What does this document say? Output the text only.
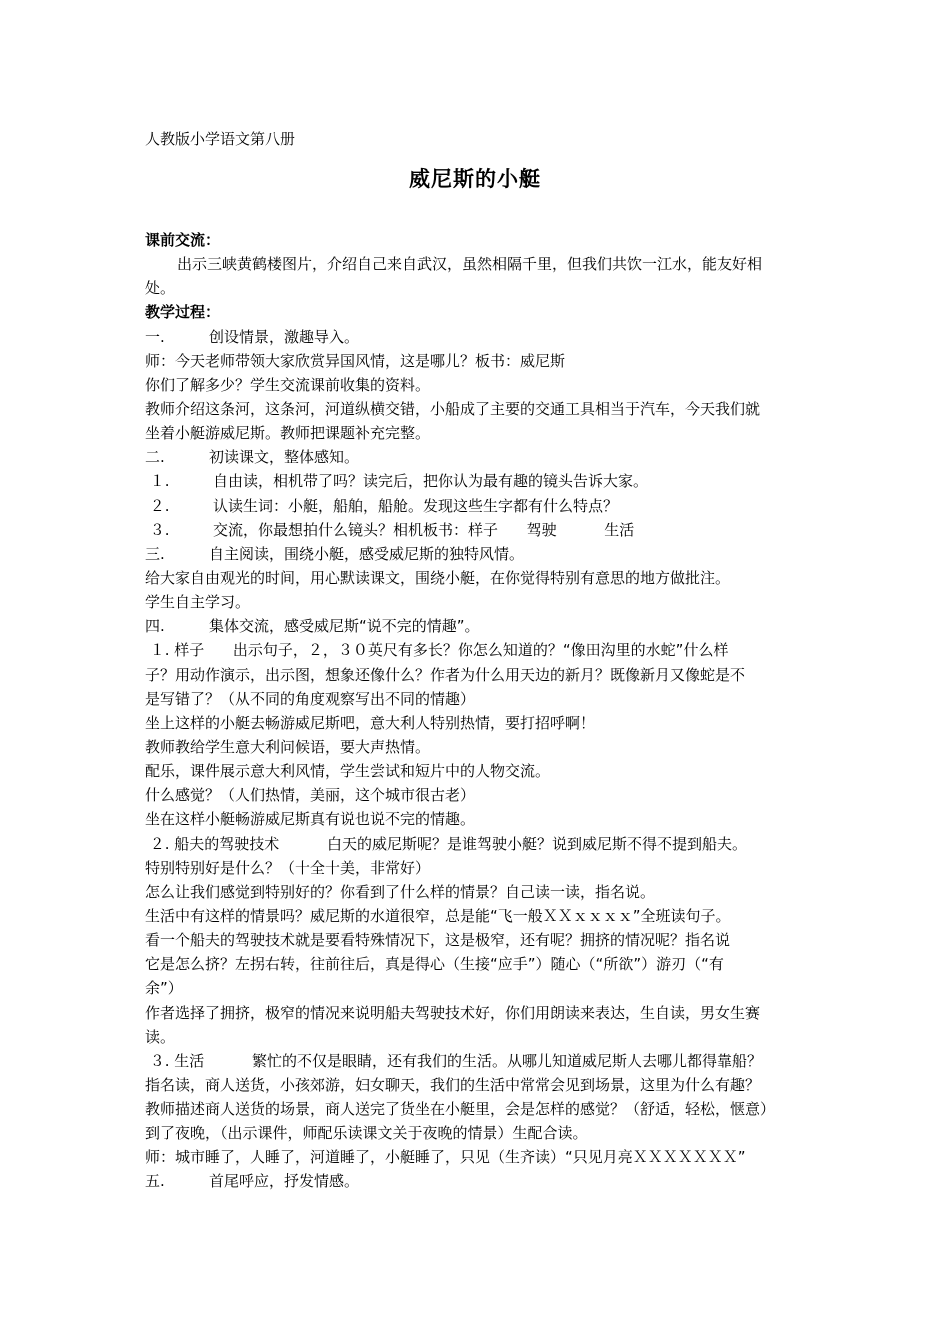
人教版小学语文第八册
威尼斯的小艇
课前交流：
出示三峡黄鹤楼图片，介绍自己来自武汉，虽然相隔千里，但我们共饮一江水，能友好相
处。
教学过程：
一.	创设情景，激趣导入。
师：今天老师带领大家欣赏异国风情，这是哪儿？板书：威尼斯
你们了解多少？学生交流课前收集的资料。
教师介绍这条河，这条河，河道纵横交错，小船成了主要的交通工具相当于汽车，今天我们就
坐着小艇游威尼斯。教师把课题补充完整。
二.	初读课文，整体感知。
１.	自由读，相机带了吗？读完后，把你认为最有趣的镜头告诉大家。
２.	认读生词：小艇，船舶，船舱。发现这些生字都有什么特点？
３.	交流，你最想拍什么镜头？相机板书：样子      驾驶          生活
三.	自主阅读，围绕小艇，感受威尼斯的独特风情。
给大家自由观光的时间，用心默读课文，围绕小艇，在你觉得特别有意思的地方做批注。
学生自主学习。
四.	集体交流，感受威尼斯“说不完的情趣”。
１. 样子      出示句子，２，３０英尺有多长？你怎么知道的？“像田沟里的水蛇”什么样
子？用动作演示，出示图，想象还像什么？作者为什么用天边的新月？既像新月又像蛇是不
是写错了？（从不同的角度观察写出不同的情趣）
坐上这样的小艇去畅游威尼斯吧，意大利人特别热情，要打招呼啊！
教师教给学生意大利问候语，要大声热情。
配乐，课件展示意大利风情，学生尝试和短片中的人物交流。
什么感觉？（人们热情，美丽，这个城市很古老）
坐在这样小艇畅游威尼斯真有说也说不完的情趣。
２. 船夫的驾驶技术          白天的威尼斯呢？是谁驾驶小艇？说到威尼斯不得不提到船夫。
特别特别好是什么？（十全十美，非常好）
怎么让我们感觉到特别好的？你看到了什么样的情景？自己读一读，指名说。
生活中有这样的情景吗？威尼斯的水道很窄，总是能“飞一般ＸＸｘｘｘｘ”全班读句子。
看一个船夫的驾驶技术就是要看特殊情况下，这是极窄，还有呢？拥挤的情况呢？指名说
它是怎么挤？左拐右转，往前往后，真是得心（生接“应手”）随心（“所欲”）游刃（“有
余”）
作者选择了拥挤，极窄的情况来说明船夫驾驶技术好，你们用朗读来表达，生自读，男女生赛
读。
３. 生活          繁忙的不仅是眼睛，还有我们的生活。从哪儿知道威尼斯人去哪儿都得靠船？
指名读，商人送货，小孩郊游，妇女聊天，我们的生活中常常会见到场景，这里为什么有趣？
教师描述商人送货的场景，商人送完了货坐在小艇里，会是怎样的感觉？（舒适，轻松，惬意）
到了夜晚，（出示课件，师配乐读课文关于夜晚的情景）生配合读。
师：城市睡了，人睡了，河道睡了，小艇睡了，只见（生齐读）“只见月亮ＸＸＸＸＸＸＸ”
五.	首尾呼应，抒发情感。
